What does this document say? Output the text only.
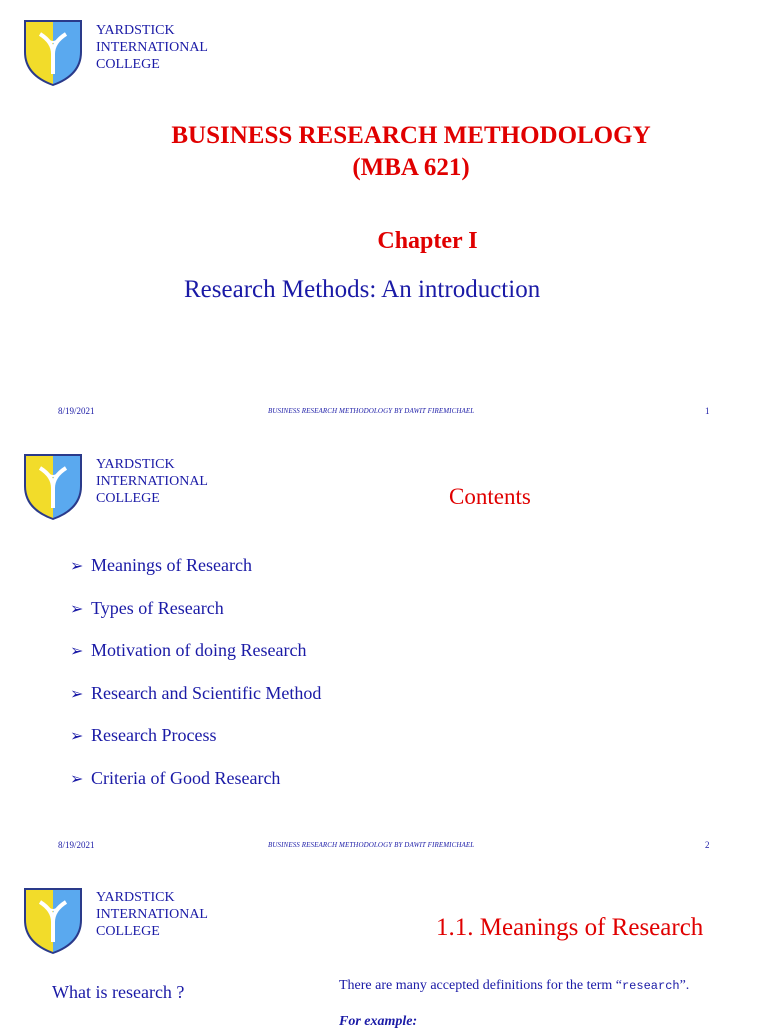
YARDSTICK
INTERNATIONAL
COLLEGE
BUSINESS RESEARCH METHODOLOGY
(MBA 621)
Chapter I
Research Methods: An introduction
8/19/2021	BUSINESS RESEARCH METHODOLOGY BY DAWIT FIREMICHAEL	1
YARDSTICK
INTERNATIONAL
COLLEGE	Contents
➢ Meanings of Research
➢ Types of Research
➢ Motivation of doing Research
➢ Research and Scientific Method
➢ Research Process
➢ Criteria of Good Research
8/19/2021	BUSINESS RESEARCH METHODOLOGY BY DAWIT FIREMICHAEL	2
YARDSTICK
INTERNATIONAL
COLLEGE	1.1. Meanings of Research
What is research ?	There are many accepted definitions for the term “research”.
For example:
